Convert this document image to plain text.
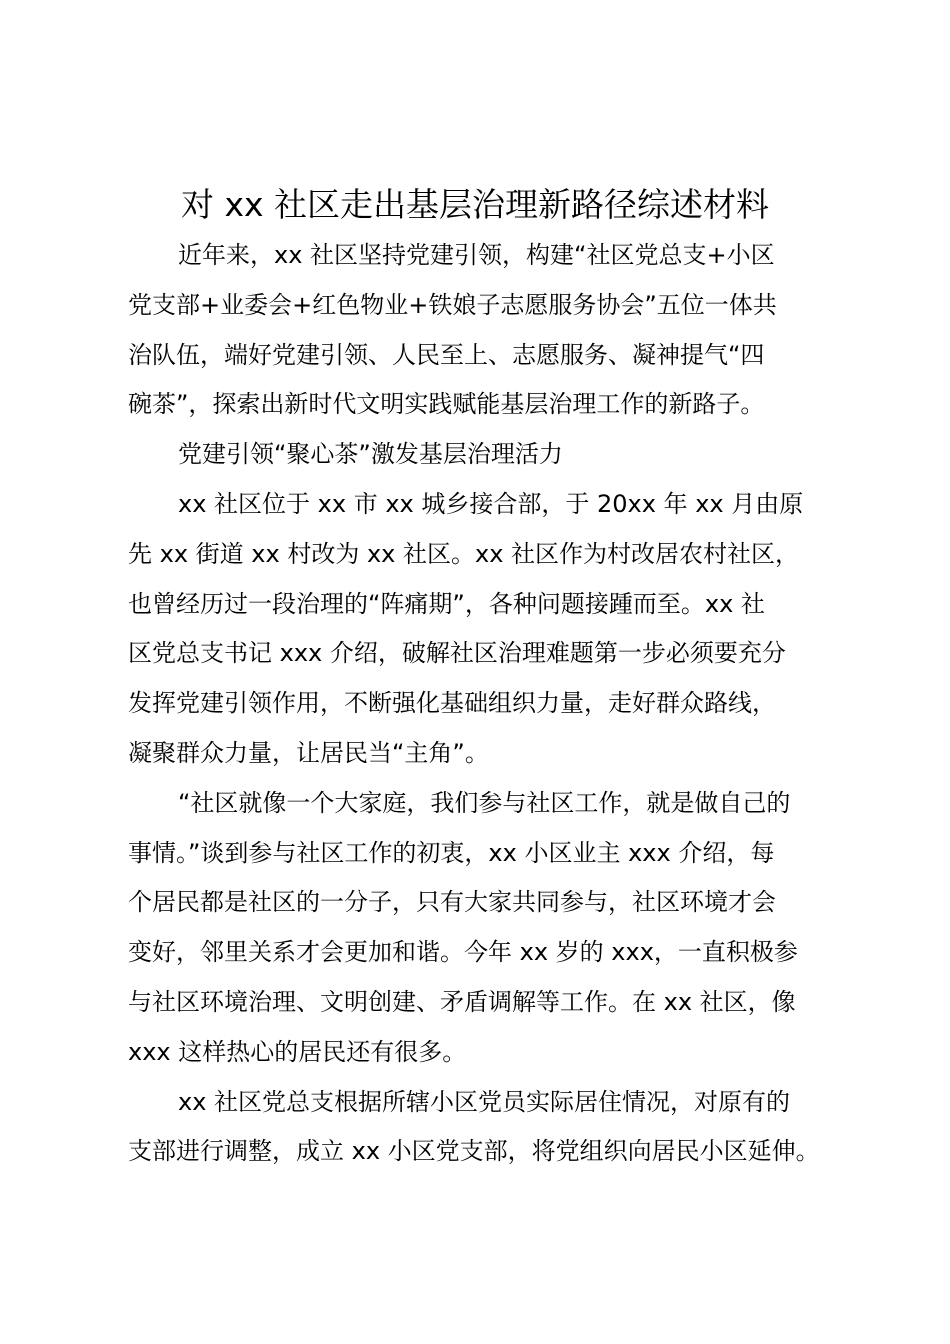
对 xx 社区走出基层治理新路径综述材料

近年来，xx 社区坚持党建引领，构建“社区党总支+小区
党支部+业委会+红色物业+铁娘子志愿服务协会”五位一体共
治队伍，端好党建引领、人民至上、志愿服务、凝神提气“四
碗茶”，探索出新时代文明实践赋能基层治理工作的新路子。

党建引领“聚心茶”激发基层治理活力

xx 社区位于 xx 市 xx 城乡接合部，于 20xx 年 xx 月由原
先 xx 街道 xx 村改为 xx 社区。xx 社区作为村改居农村社区，
也曾经历过一段治理的“阵痛期”，各种问题接踵而至。xx 社
区党总支书记 xxx 介绍，破解社区治理难题第一步必须要充分
发挥党建引领作用，不断强化基础组织力量，走好群众路线，
凝聚群众力量，让居民当“主角”。

“社区就像一个大家庭，我们参与社区工作，就是做自己的
事情。”谈到参与社区工作的初衷，xx 小区业主 xxx 介绍，每
个居民都是社区的一分子，只有大家共同参与，社区环境才会
变好，邻里关系才会更加和谐。今年 xx 岁的 xxx，一直积极参
与社区环境治理、文明创建、矛盾调解等工作。在 xx 社区，像
xxx 这样热心的居民还有很多。

xx 社区党总支根据所辖小区党员实际居住情况，对原有的
支部进行调整，成立 xx 小区党支部，将党组织向居民小区延伸。
